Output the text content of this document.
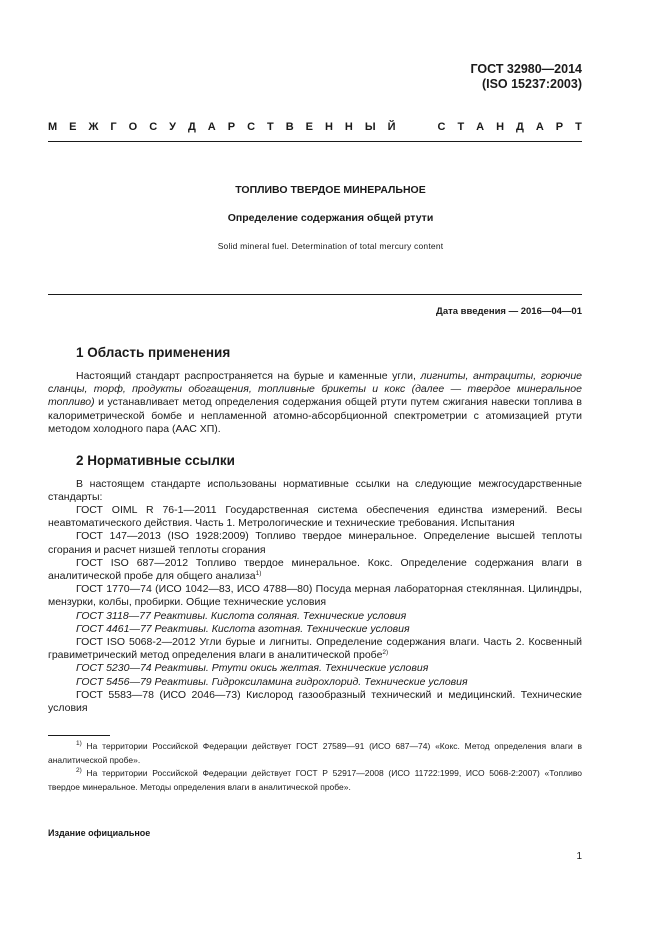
ГОСТ 32980—2014
(ISO 15237:2003)
М Е Ж Г О С У Д А Р С Т В Е Н Н Ы Й	С Т А Н Д А Р Т
ТОПЛИВО ТВЕРДОЕ МИНЕРАЛЬНОЕ
Определение содержания общей ртути
Solid mineral fuel. Determination of total mercury content
Дата введения — 2016—04—01
1 Область применения

Настоящий стандарт распространяется на бурые и каменные угли, лигниты, антрациты, горючие сланцы, торф, продукты обогащения, топливные брикеты и кокс (далее — твердое минеральное топливо) и устанавливает метод определения содержания общей ртути путем сжигания навески топлива в калориметрической бомбе и непламенной атомно-абсорбционной спектрометрии с атомизацией ртути методом холодного пара (ААС ХП).

2 Нормативные ссылки

В настоящем стандарте использованы нормативные ссылки на следующие межгосударственные стандарты:

ГОСТ OIML R 76-1—2011 Государственная система обеспечения единства измерений. Весы неавтоматического действия. Часть 1. Метрологические и технические требования. Испытания
ГОСТ 147—2013 (ISO 1928:2009) Топливо твердое минеральное. Определение высшей теплоты сгорания и расчет низшей теплоты сгорания
ГОСТ ISO 687—2012 Топливо твердое минеральное. Кокс. Определение содержания влаги в аналитической пробе для общего анализа$^{1)}$
ГОСТ 1770—74 (ИСО 1042—83, ИСО 4788—80) Посуда мерная лабораторная стеклянная. Цилиндры, мензурки, колбы, пробирки. Общие технические условия
ГОСТ 3118—77 Реактивы. Кислота соляная. Технические условия
ГОСТ 4461—77 Реактивы. Кислота азотная. Технические условия
ГОСТ ISO 5068-2—2012 Угли бурые и лигниты. Определение содержания влаги. Часть 2. Косвенный гравиметрический метод определения влаги в аналитической пробе$^{2)}$
ГОСТ 5230—74 Реактивы. Ртути окись желтая. Технические условия
ГОСТ 5456—79 Реактивы. Гидроксиламина гидрохлорид. Технические условия
ГОСТ 5583—78 (ИСО 2046—73) Кислород газообразный технический и медицинский. Технические условия
$^{1)}$ На территории Российской Федерации действует ГОСТ 27589—91 (ИСО 687—74) «Кокс. Метод определения влаги в аналитической пробе».
$^{2)}$ На территории Российской Федерации действует ГОСТ Р 52917—2008 (ИСО 11722:1999, ИСО 5068-2:2007) «Топливо твердое минеральное. Методы определения влаги в аналитической пробе».
Издание официальное
1
